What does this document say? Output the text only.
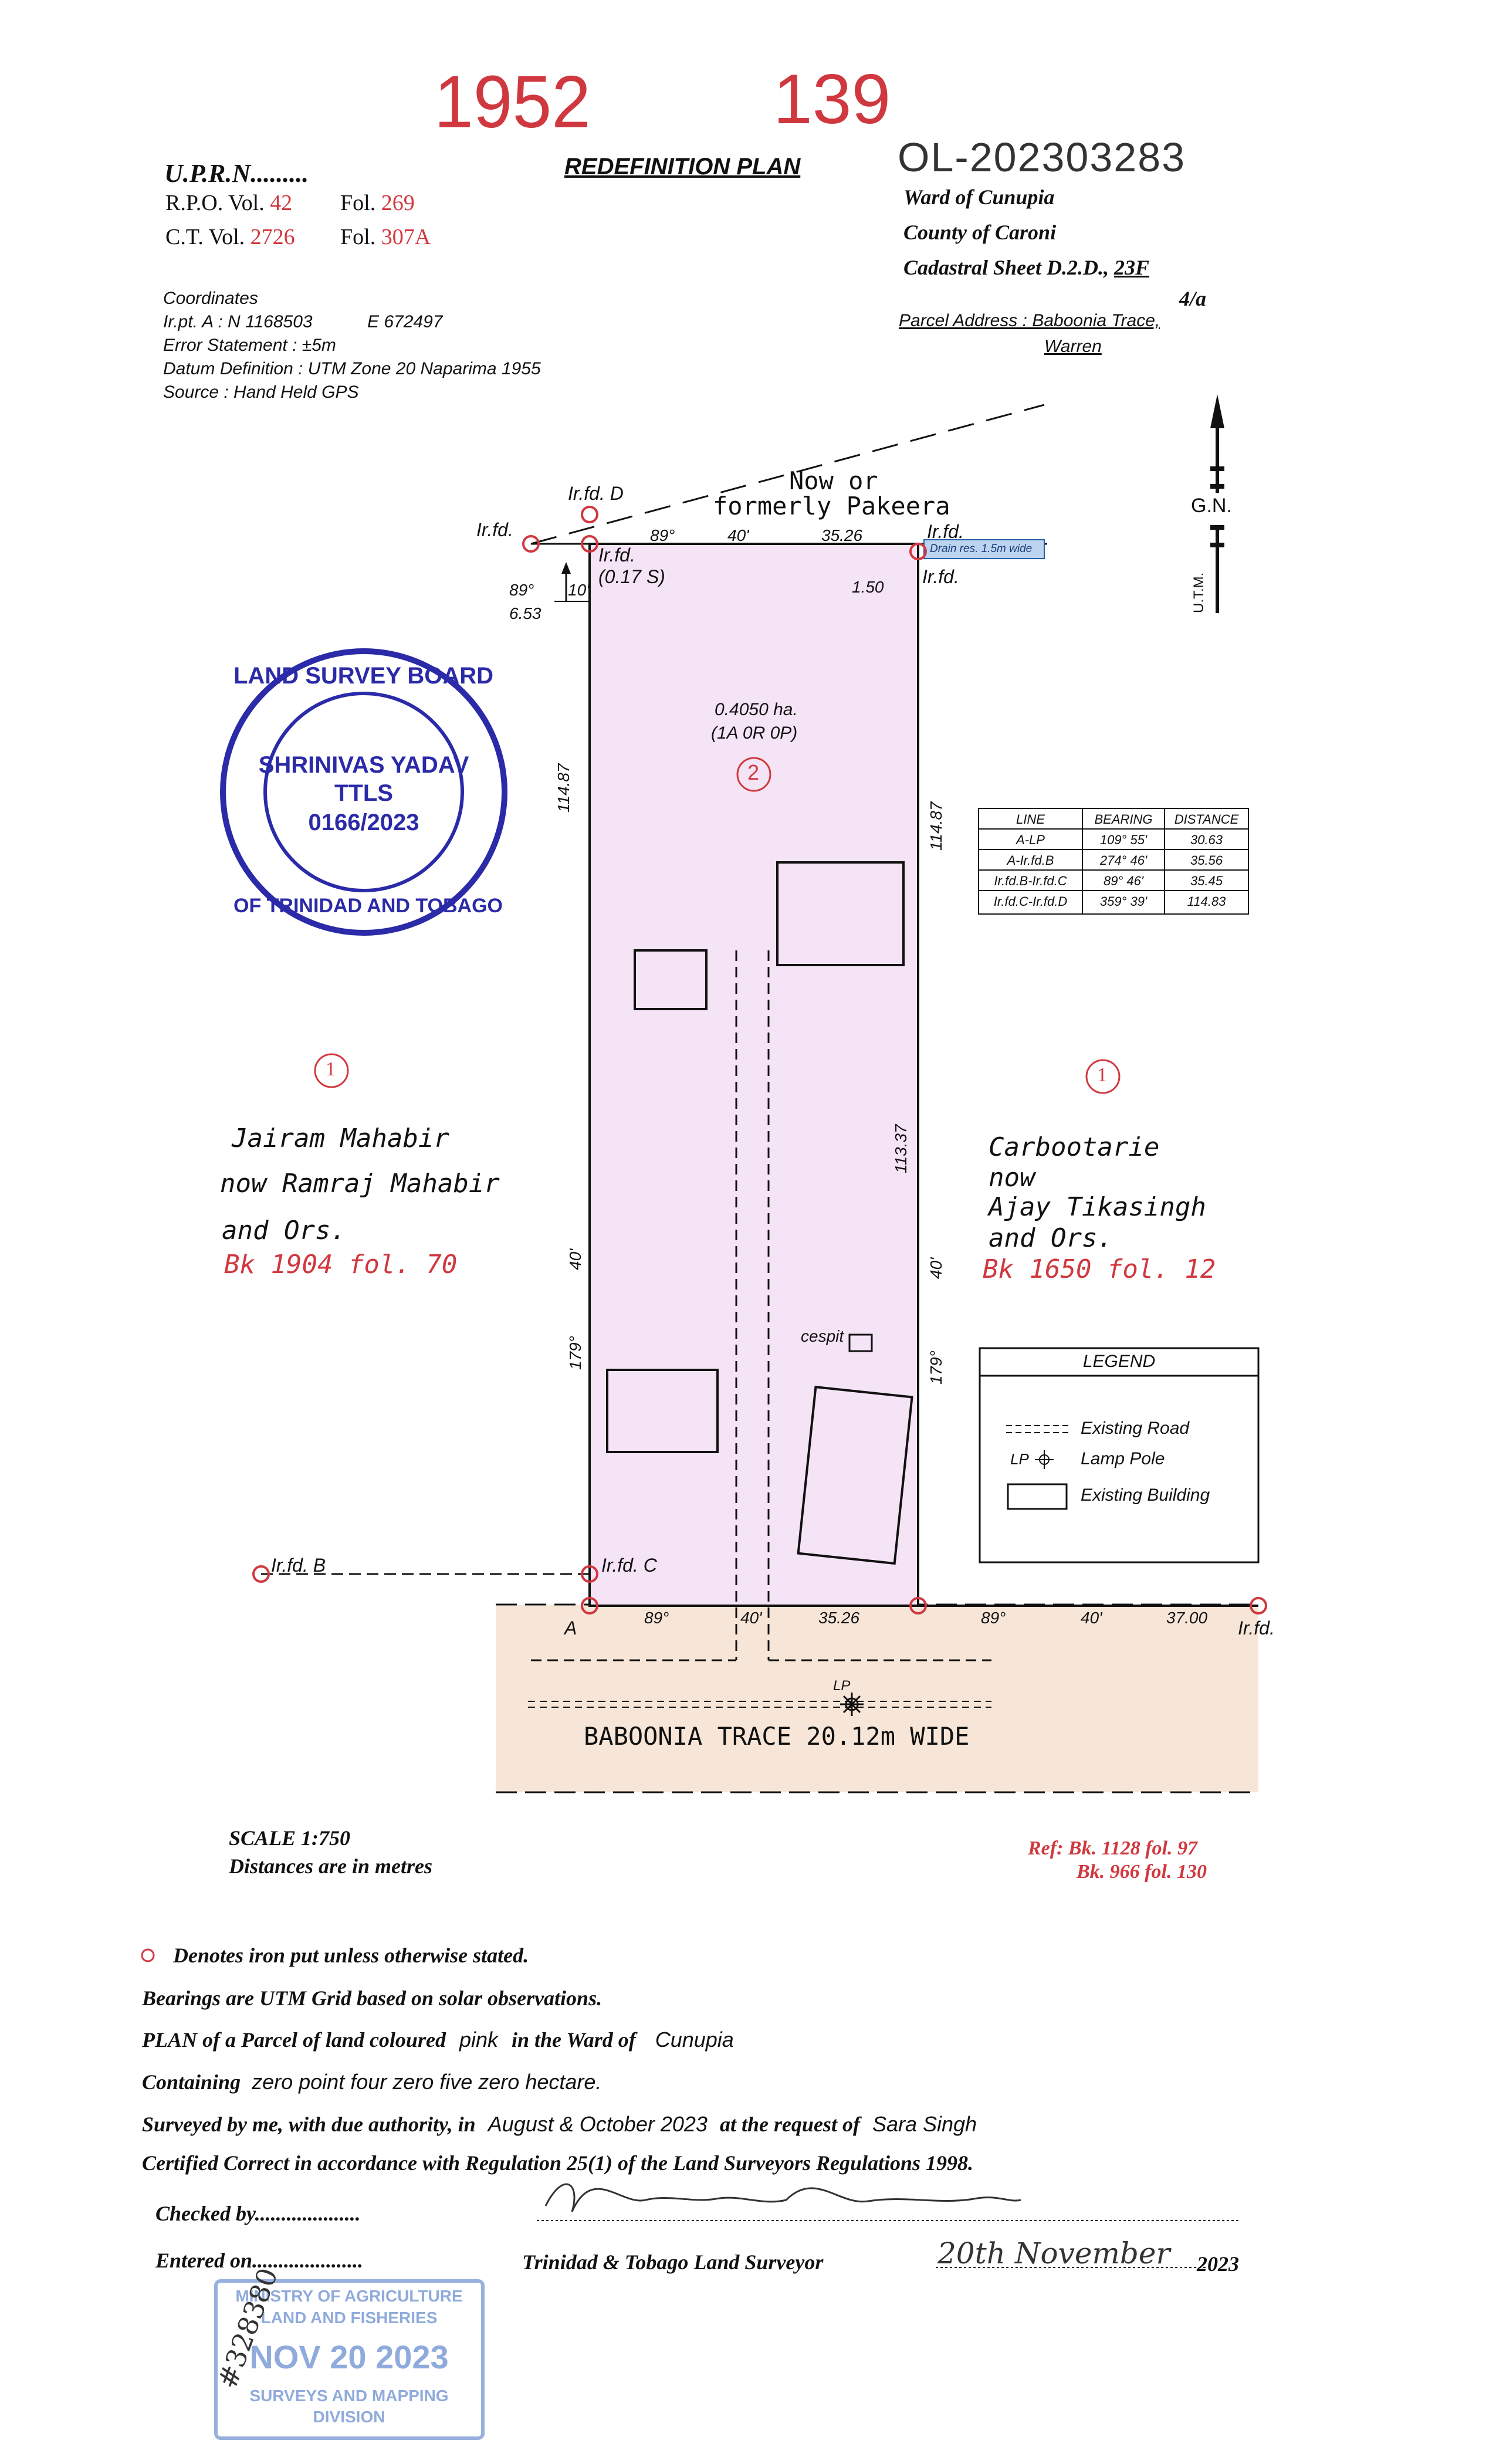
1952	139
REDEFINITION PLAN OL-202303283
U.P.R.N.........
R.P.O. Vol. 42 Fol. 269
C.T. Vol. 2726 Fol. 307A
Ward of Cunupia
County of Caroni
Cadastral Sheet D.2.D., 23F
4/a
Parcel Address : Baboonia Trace,
Warren
Coordinates
Ir.pt. A : N 1168503	E 672497
Error Statement : ±5m
Datum Definition : UTM Zone 20 Naparima 1955
Source : Hand Held GPS
Now or
formerly Pakeera
Ir.fd. D
Ir.fd.
Ir.fd.
(0.17 S)
Ir.fd.
Ir.fd.
Drain res. 1.5m wide
89°	40'	35.26
89°
6.53
10'	1.50
0.4050 ha.
(1A 0R 0P)
2
114.87
114.87
113.37
40'
179°
40'
179°
cespit
Ir.fd. B	Ir.fd. C
A	89°	40'	35.26	89°	40'	37.00 Ir.fd.
LP
BABOONIA TRACE 20.12m WIDE
1
Jairam Mahabir
now Ramraj Mahabir
and Ors.
Bk 1904 fol. 70
1
Carbootarie
now
Ajay Tikasingh
and Ors.
Bk 1650 fol. 12
G.N.
U.T.M.
LAND SURVEY BOARD
SHRINIVAS YADAV
TTLS
0166/2023
OF TRINIDAD AND TOBAGO
LINE	BEARING	DISTANCE
A-LP	109° 55'	30.63
A-Ir.fd.B	274° 46'	35.56
Ir.fd.B-Ir.fd.C	89° 46'	35.45
Ir.fd.C-Ir.fd.D	359° 39'	114.83
LEGEND
Existing Road
LP	Lamp Pole
Existing Building
SCALE 1:750
Distances are in metres
Ref: Bk. 1128 fol. 97
Bk. 966 fol. 130
Denotes iron put unless otherwise stated.
Bearings are UTM Grid based on solar observations.
PLAN of a Parcel of land coloured pink in the Ward of Cunupia
Containing zero point four zero five zero hectare.
Surveyed by me, with due authority, in August & October 2023 at the request of Sara Singh
Certified Correct in accordance with Regulation 25(1) of the Land Surveyors Regulations 1998.
Checked by....................
Entered on.....................	Trinidad & Tobago Land Surveyor	20th November 2023
MINISTRY OF AGRICULTURE
LAND AND FISHERIES
NOV 20 2023
SURVEYS AND MAPPING
DIVISION
#328380
